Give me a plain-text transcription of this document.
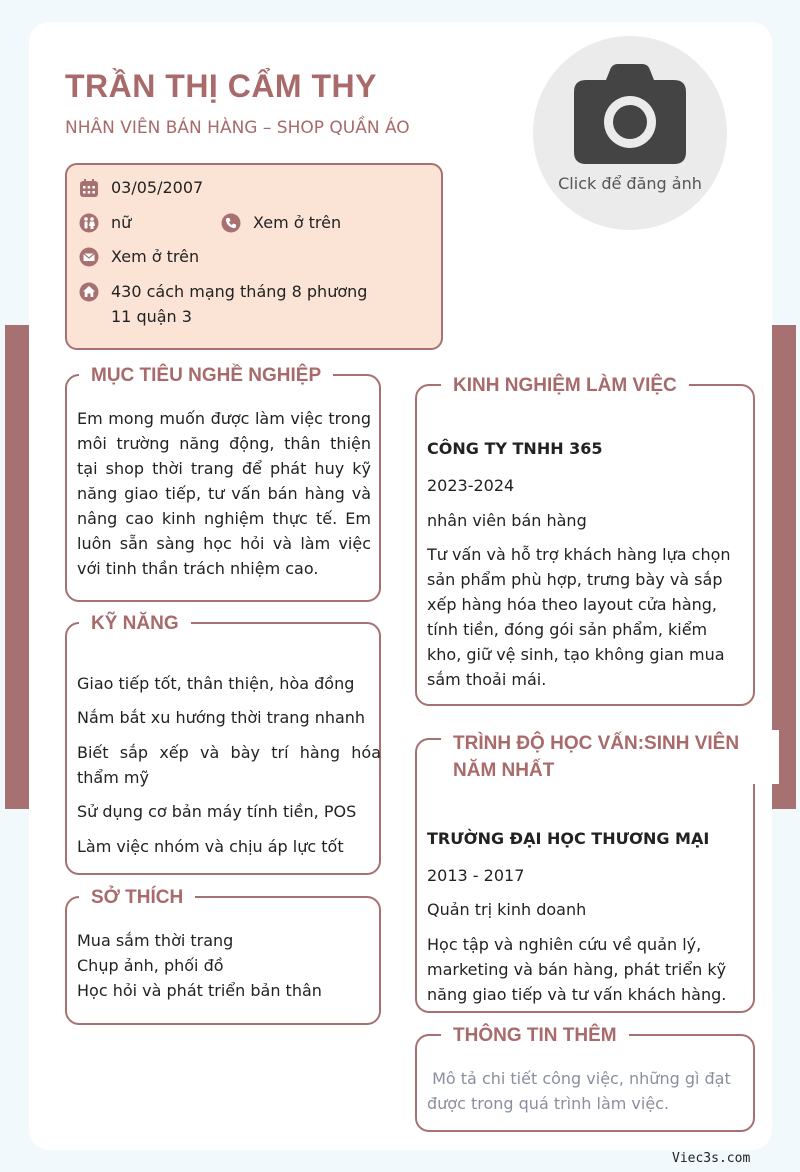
TRẦN THỊ CẨM THY
NHÂN VIÊN BÁN HÀNG – SHOP QUẦN ÁO
Click để đăng ảnh
03/05/2007
nữ	Xem ở trên
Xem ở trên
430 cách mạng tháng 8 phương 11 quận 3
MỤC TIÊU NGHỀ NGHIỆP
Em mong muốn được làm việc trong môi trường năng động, thân thiện tại shop thời trang để phát huy kỹ năng giao tiếp, tư vấn bán hàng và nâng cao kinh nghiệm thực tế. Em luôn sẵn sàng học hỏi và làm việc với tinh thần trách nhiệm cao.
KỸ NĂNG
Giao tiếp tốt, thân thiện, hòa đồng
Nắm bắt xu hướng thời trang nhanh
Biết sắp xếp và bày trí hàng hóa thẩm mỹ
Sử dụng cơ bản máy tính tiền, POS
Làm việc nhóm và chịu áp lực tốt
SỞ THÍCH
Mua sắm thời trang
Chụp ảnh, phối đồ
Học hỏi và phát triển bản thân
KINH NGHIỆM LÀM VIỆC
CÔNG TY TNHH 365
2023-2024
nhân viên bán hàng
Tư vấn và hỗ trợ khách hàng lựa chọn sản phẩm phù hợp, trưng bày và sắp xếp hàng hóa theo layout cửa hàng, tính tiền, đóng gói sản phẩm, kiểm kho, giữ vệ sinh, tạo không gian mua sắm thoải mái.
TRÌNH ĐỘ HỌC VẤN:SINH VIÊN NĂM NHẤT
TRƯỜNG ĐẠI HỌC THƯƠNG MẠI
2013 - 2017
Quản trị kinh doanh
Học tập và nghiên cứu về quản lý, marketing và bán hàng, phát triển kỹ năng giao tiếp và tư vấn khách hàng.
THÔNG TIN THÊM
Mô tả chi tiết công việc, những gì đạt được trong quá trình làm việc.
Viec3s.com
